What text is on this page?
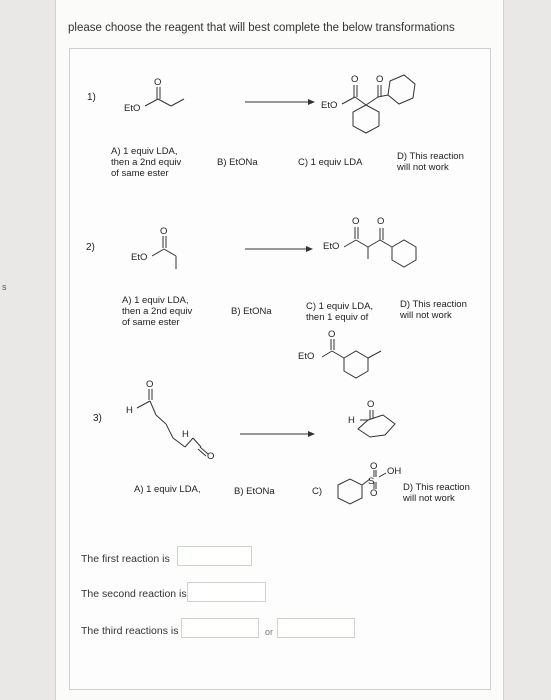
s
please choose the reagent that will best complete the below transformations
1)
EtO
O
EtO
O O
A) 1 equiv LDA,
then a 2nd equiv
of same ester
B) EtONa	C) 1 equiv LDA
D) This reaction
will not work
2)
EtO
O
EtO
O O
A) 1 equiv LDA,
then a 2nd equiv
of same ester
B) EtONa	C) 1 equiv LDA,
then 1 equiv of
D) This reaction
will not work
EtO
O
3)
H
O
H
O
H
O
A) 1 equiv LDA,	B) EtONa	C)
S
O
O
OH
D) This reaction
will not work
The first reaction is
The second reaction is
The third reactions is	or
